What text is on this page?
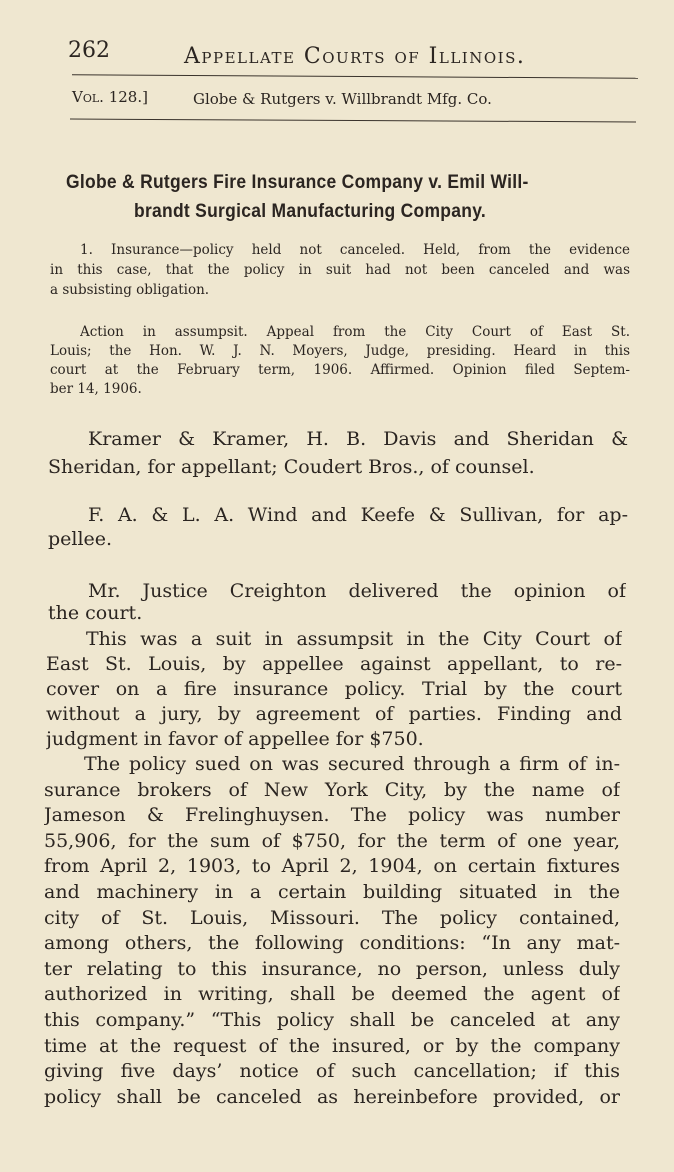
262	Appellate Courts of Illinois.
Vol. 128.]	Globe & Rutgers v. Willbrandt Mfg. Co.
Globe & Rutgers Fire Insurance Company v. Emil Will-
brandt Surgical Manufacturing Company.
1. Insurance—policy held not canceled. Held, from the evidence
in this case, that the policy in suit had not been canceled and was
a subsisting obligation.
Action in assumpsit. Appeal from the City Court of East St.
Louis; the Hon. W. J. N. Moyers, Judge, presiding. Heard in this
court at the February term, 1906. Affirmed. Opinion filed Septem-
ber 14, 1906.
Kramer & Kramer, H. B. Davis and Sheridan &
Sheridan, for appellant; Coudert Bros., of counsel.
F. A. & L. A. Wind and Keefe & Sullivan, for ap-
pellee.
Mr. Justice Creighton delivered the opinion of
the court.
This was a suit in assumpsit in the City Court of
East St. Louis, by appellee against appellant, to re-
cover on a fire insurance policy. Trial by the court
without a jury, by agreement of parties. Finding and
judgment in favor of appellee for $750.
The policy sued on was secured through a firm of in-
surance brokers of New York City, by the name of
Jameson & Frelinghuysen. The policy was number
55,906, for the sum of $750, for the term of one year,
from April 2, 1903, to April 2, 1904, on certain fixtures
and machinery in a certain building situated in the
city of St. Louis, Missouri. The policy contained,
among others, the following conditions: “In any mat-
ter relating to this insurance, no person, unless duly
authorized in writing, shall be deemed the agent of
this company.” “This policy shall be canceled at any
time at the request of the insured, or by the company
giving five days’ notice of such cancellation; if this
policy shall be canceled as hereinbefore provided, or
